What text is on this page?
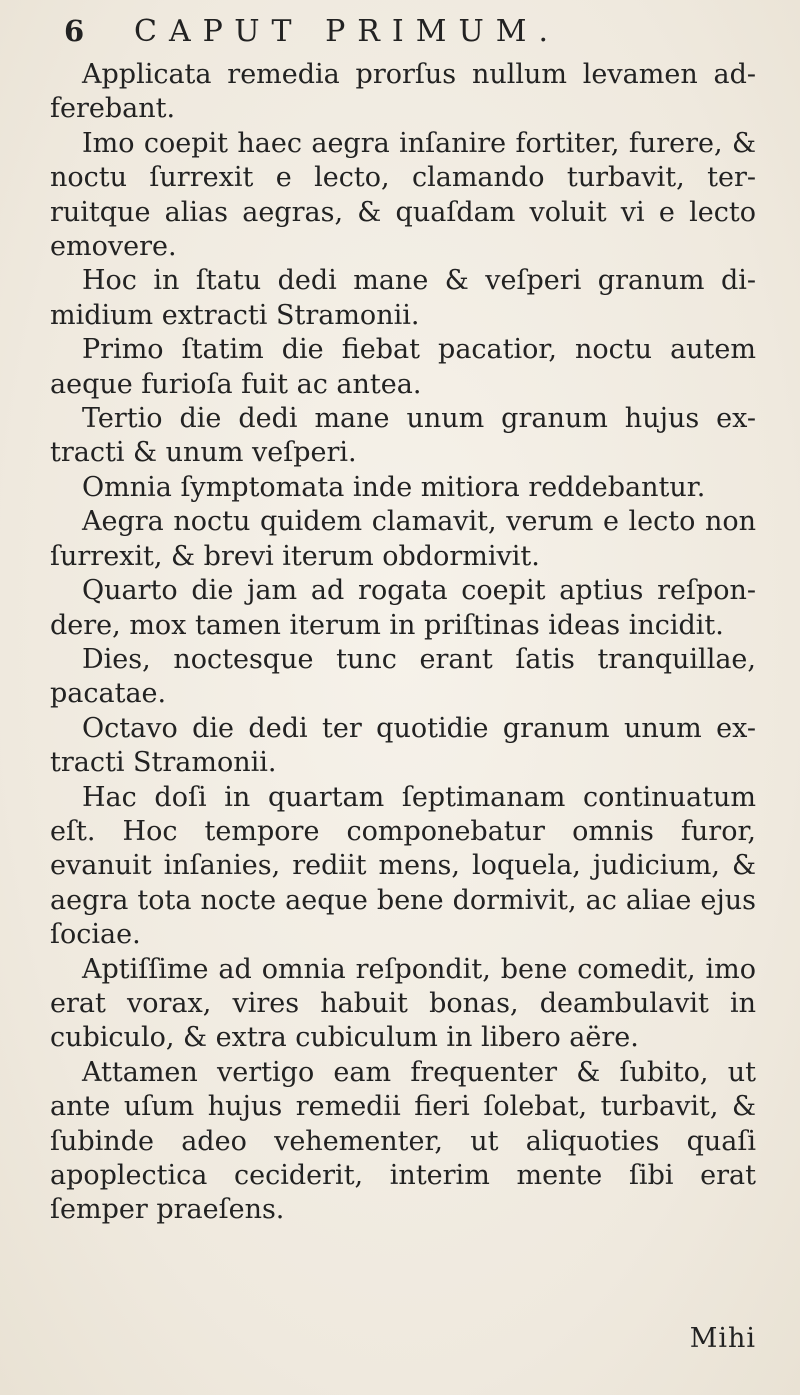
6 CAPUT PRIMUM.

Applicata remedia prorſus nullum levamen ad-ferebant.

Imo coepit haec aegra inſanire fortiter, furere, & noctu ſurrexit e lecto, clamando turbavit, ter-ruitque alias aegras, & quaſdam voluit vi e lecto emovere.

Hoc in ſtatu dedi mane & veſperi granum di-midium extracti Stramonii.

Primo ſtatim die fiebat pacatior, noctu autem aeque furioſa fuit ac antea.

Tertio die dedi mane unum granum hujus ex-tracti & unum veſperi.

Omnia ſymptomata inde mitiora reddebantur.

Aegra noctu quidem clamavit, verum e lecto non ſurrexit, & brevi iterum obdormivit.

Quarto die jam ad rogata coepit aptius reſpon-dere, mox tamen iterum in priſtinas ideas incidit.

Dies, noctesque tunc erant ſatis tranquillae, pacatae.

Octavo die dedi ter quotidie granum unum ex-tracti Stramonii.

Hac doſi in quartam ſeptimanam continuatum eſt. Hoc tempore componebatur omnis furor, evanuit inſanies, rediit mens, loquela, judicium, & aegra tota nocte aeque bene dormivit, ac aliae ejus ſociae.

Aptiſſime ad omnia reſpondit, bene comedit, imo erat vorax, vires habuit bonas, deambulavit in cubiculo, & extra cubiculum in libero aëre.

Attamen vertigo eam frequenter & ſubito, ut ante uſum hujus remedii fieri ſolebat, turbavit, & ſubinde adeo vehementer, ut aliquoties quaſi apoplectica ceciderit, interim mente ſibi erat ſemper praeſens.

Mihi
